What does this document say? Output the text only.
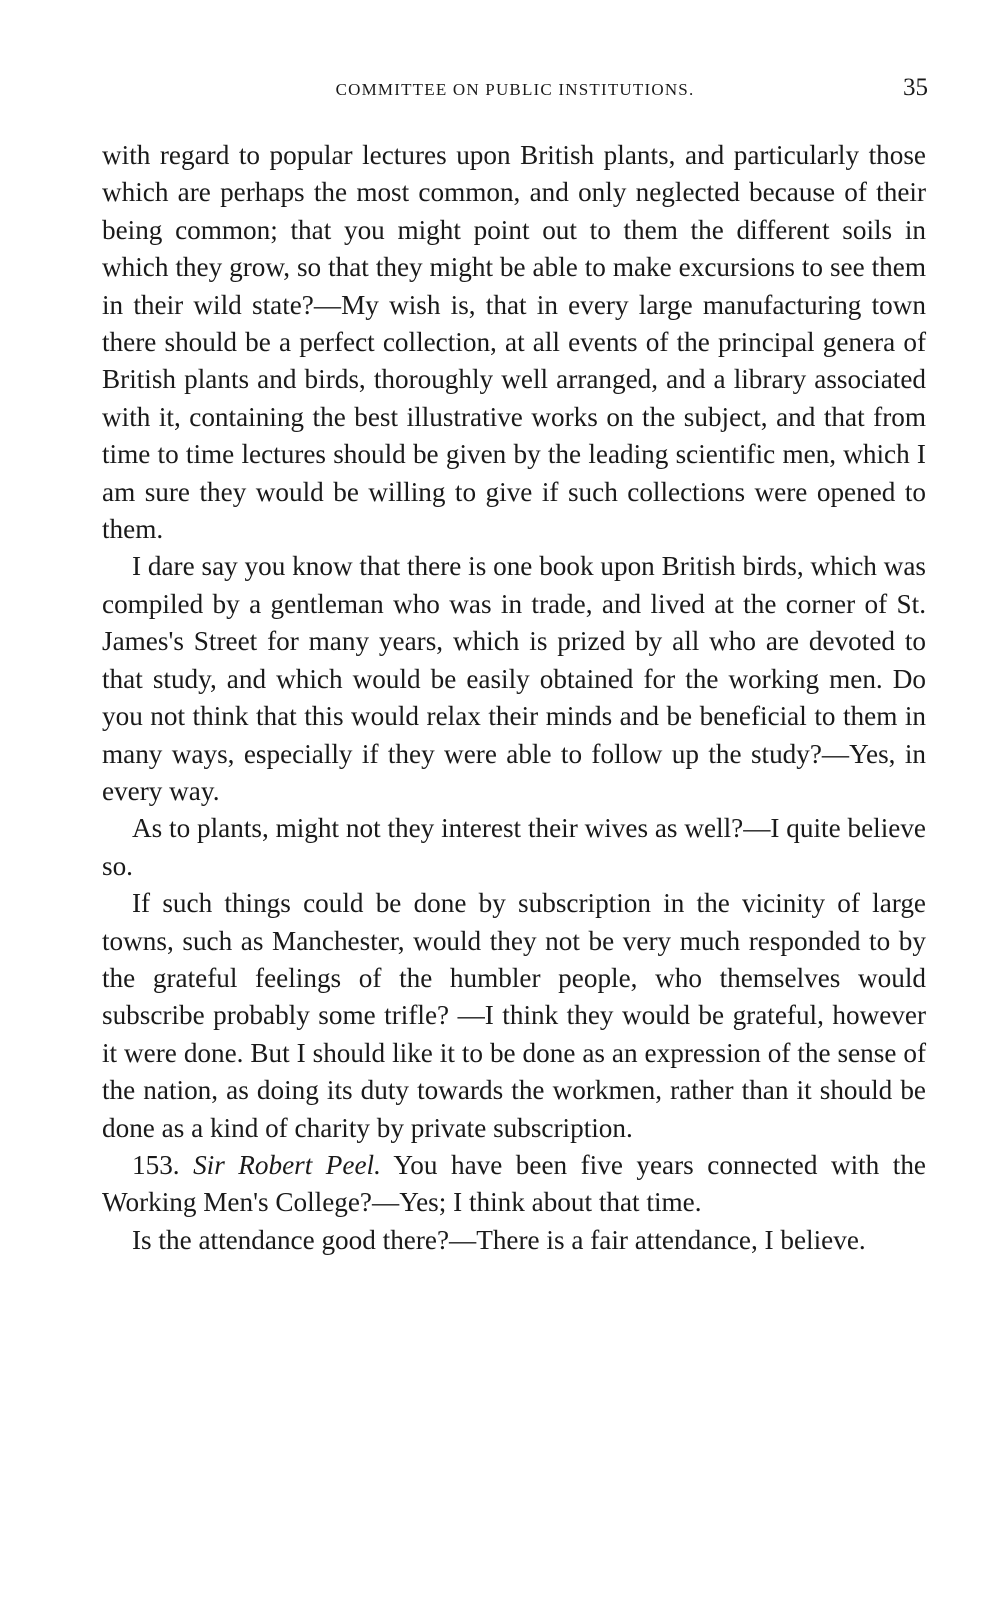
COMMITTEE ON PUBLIC INSTITUTIONS.	35

with regard to popular lectures upon British plants, and particularly those which are perhaps the most common, and only neglected because of their being common; that you might point out to them the different soils in which they grow, so that they might be able to make excursions to see them in their wild state?—My wish is, that in every large manufacturing town there should be a perfect collection, at all events of the principal genera of British plants and birds, thoroughly well arranged, and a library associated with it, containing the best illustrative works on the subject, and that from time to time lectures should be given by the leading scientific men, which I am sure they would be willing to give if such collections were opened to them.

I dare say you know that there is one book upon British birds, which was compiled by a gentleman who was in trade, and lived at the corner of St. James's Street for many years, which is prized by all who are devoted to that study, and which would be easily obtained for the working men. Do you not think that this would relax their minds and be beneficial to them in many ways, especially if they were able to follow up the study?—Yes, in every way.

As to plants, might not they interest their wives as well?—I quite believe so.

If such things could be done by subscription in the vicinity of large towns, such as Manchester, would they not be very much responded to by the grateful feelings of the humbler people, who themselves would subscribe probably some trifle? —I think they would be grateful, however it were done. But I should like it to be done as an expression of the sense of the nation, as doing its duty towards the workmen, rather than it should be done as a kind of charity by private subscription.

153. Sir Robert Peel. You have been five years connected with the Working Men's College?—Yes; I think about that time.

Is the attendance good there?—There is a fair attendance, I believe.
